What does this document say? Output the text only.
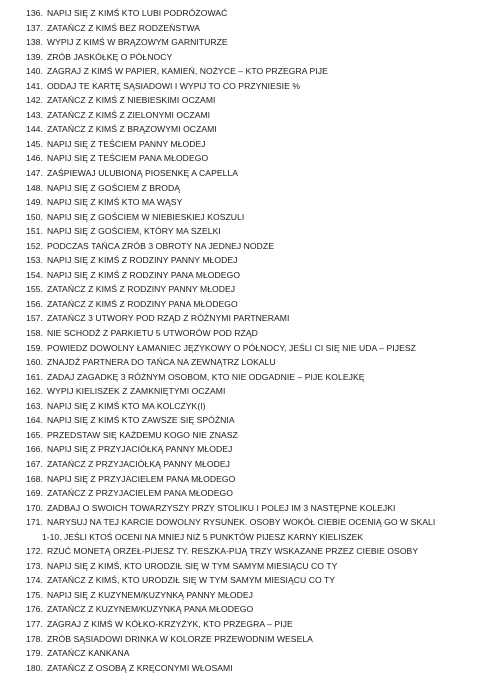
136. NAPIJ SIĘ Z KIMŚ KTO LUBI PODRÓŻOWAĆ
137. ZATAŃCZ Z KIMŚ BEZ RODZEŃSTWA
138. WYPIJ Z KIMŚ W BRĄZOWYM GARNITURZE
139. ZRÓB JASKÓŁKĘ O PÓŁNOCY
140. ZAGRAJ Z KIMŚ W PAPIER, KAMIEŃ, NOŻYCE – KTO PRZEGRA PIJE
141. ODDAJ TE KARTĘ SĄSIADOWI I WYPIJ TO CO PRZYNIESIE %
142. ZATAŃCZ Z KIMŚ Z NIEBIESKIMI OCZAMI
143. ZATAŃCZ Z KIMŚ Z ZIELONYMI OCZAMI
144. ZATAŃCZ Z KIMŚ Z BRĄZOWYMI OCZAMI
145. NAPIJ SIĘ Z TEŚCIEM PANNY MŁODEJ
146. NAPIJ SIĘ Z TEŚCIEM PANA MŁODEGO
147. ZAŚPIEWAJ ULUBIONĄ PIOSENKĘ A CAPELLA
148. NAPIJ SIĘ Z GOŚCIEM Z BRODĄ
149. NAPIJ SIĘ Z KIMŚ KTO MA WĄSY
150. NAPIJ SIĘ Z GOŚCIEM W NIEBIESKIEJ KOSZULI
151. NAPIJ SIĘ Z GOŚCIEM, KTÓRY MA SZELKI
152. PODCZAS TAŃCA ZRÓB 3 OBROTY NA JEDNEJ NODZE
153. NAPIJ SIĘ Z KIMŚ Z RODZINY PANNY MŁODEJ
154. NAPIJ SIĘ Z KIMŚ Z RODZINY PANA MŁODEGO
155. ZATAŃCZ Z KIMŚ Z RODZINY PANNY MŁODEJ
156. ZATAŃCZ Z KIMŚ Z RODZINY PANA MŁODEGO
157. ZATAŃCZ 3 UTWORY POD RZĄD Z RÓŻNYMI PARTNERAMI
158. NIE SCHODŹ Z PARKIETU 5 UTWORÓW POD RZĄD
159. POWIEDZ DOWOLNY ŁAMANIEC JĘZYKOWY O PÓŁNOCY, JEŚLI CI SIĘ NIE UDA – PIJESZ
160. ZNAJDŹ PARTNERA DO TAŃCA NA ZEWNĄTRZ LOKALU
161. ZADAJ ZAGADKĘ 3 RÓŻNYM OSOBOM, KTO NIE ODGADNIE – PIJE KOLEJKĘ
162. WYPIJ KIELISZEK Z ZAMKNIĘTYMI OCZAMI
163. NAPIJ SIĘ Z KIMŚ KTO MA KOLCZYK(I)
164. NAPIJ SIĘ Z KIMŚ KTO ZAWSZE SIĘ SPÓŹNIA
165. PRZEDSTAW SIĘ KAŻDEMU KOGO NIE ZNASZ
166. NAPIJ SIĘ Z PRZYJACIÓŁKĄ PANNY MŁODEJ
167. ZATAŃCZ Z PRZYJACIÓŁKĄ PANNY MŁODEJ
168. NAPIJ SIĘ Z PRZYJACIELEM PANA MŁODEGO
169. ZATAŃCZ Z PRZYJACIELEM PANA MŁODEGO
170. ZADBAJ O SWOICH TOWARZYSZY PRZY STOLIKU I POLEJ IM 3 NASTĘPNE KOLEJKI
171. NARYSUJ NA TEJ KARCIE DOWOLNY RYSUNEK. OSOBY WOKÓŁ CIEBIE OCENIĄ GO W SKALI
1-10. JEŚLI KTOŚ OCENI NA MNIEJ NIŻ 5 PUNKTÓW PIJESZ KARNY KIELISZEK
172. RZUĆ MONETĄ ORZEŁ-PIJESZ TY. RESZKA-PIJĄ TRZY WSKAZANE PRZEZ CIEBIE OSOBY
173. NAPIJ SIĘ Z KIMŚ, KTO URODZIŁ SIĘ W TYM SAMYM MIESIĄCU CO TY
174. ZATAŃCZ Z KIMŚ, KTO URODZIŁ SIĘ W TYM SAMYM MIESIĄCU CO TY
175. NAPIJ SIĘ Z KUZYNEM/KUZYNKĄ PANNY MŁODEJ
176. ZATAŃCZ Z KUZYNEM/KUZYNKĄ PANA MŁODEGO
177. ZAGRAJ Z KIMŚ W KÓŁKO-KRZYŻYK, KTO PRZEGRA – PIJE
178. ZRÓB SĄSIADOWI DRINKA W KOLORZE PRZEWODNIM WESELA
179. ZATAŃCZ KANKANA
180. ZATAŃCZ Z OSOBĄ Z KRĘCONYMI WŁOSAMI
